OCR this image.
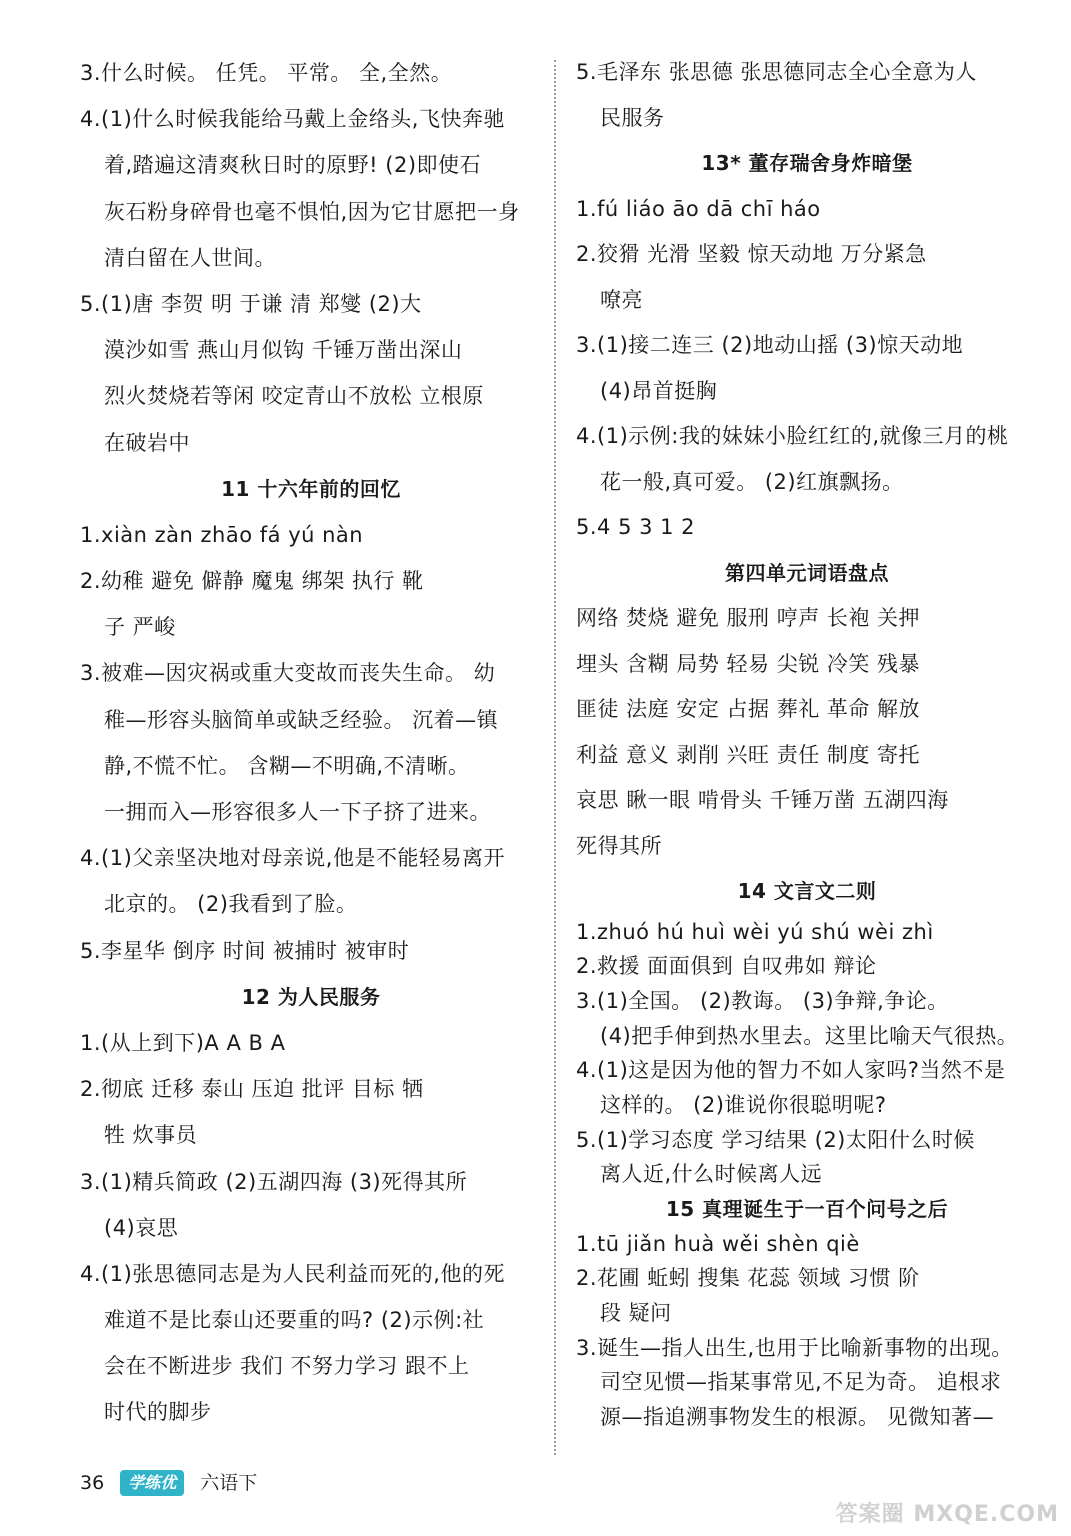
3.什么时候。 任凭。 平常。 全,全然。
4.(1)什么时候我能给马戴上金络头,飞快奔驰
着,踏遍这清爽秋日时的原野! (2)即使石
灰石粉身碎骨也毫不惧怕,因为它甘愿把一身
清白留在人世间。
5.(1)唐 李贺 明 于谦 清 郑燮 (2)大
漠沙如雪 燕山月似钩 千锤万凿出深山
烈火焚烧若等闲 咬定青山不放松 立根原
在破岩中
11 十六年前的回忆
1.xiàn zàn zhāo fá yú nàn
2.幼稚 避免 僻静 魔鬼 绑架 执行 靴
子 严峻
3.被难—因灾祸或重大变故而丧失生命。 幼
稚—形容头脑简单或缺乏经验。 沉着—镇
静,不慌不忙。 含糊—不明确,不清晰。
一拥而入—形容很多人一下子挤了进来。
4.(1)父亲坚决地对母亲说,他是不能轻易离开
北京的。 (2)我看到了脸。
5.李星华 倒序 时间 被捕时 被审时
12 为人民服务
1.(从上到下)A A B A
2.彻底 迁移 泰山 压迫 批评 目标 牺
牲 炊事员
3.(1)精兵简政 (2)五湖四海 (3)死得其所
(4)哀思
4.(1)张思德同志是为人民利益而死的,他的死
难道不是比泰山还要重的吗? (2)示例:社
会在不断进步 我们 不努力学习 跟不上
时代的脚步
5.毛泽东 张思德 张思德同志全心全意为人
民服务
13* 董存瑞舍身炸暗堡
1.fú liáo āo dā chī háo
2.狡猾 光滑 坚毅 惊天动地 万分紧急
嘹亮
3.(1)接二连三 (2)地动山摇 (3)惊天动地
(4)昂首挺胸
4.(1)示例:我的妹妹小脸红红的,就像三月的桃
花一般,真可爱。 (2)红旗飘扬。
5.4 5 3 1 2
第四单元词语盘点
网络 焚烧 避免 服刑 哼声 长袍 关押
埋头 含糊 局势 轻易 尖锐 冷笑 残暴
匪徒 法庭 安定 占据 葬礼 革命 解放
利益 意义 剥削 兴旺 责任 制度 寄托
哀思 瞅一眼 啃骨头 千锤万凿 五湖四海
死得其所
14 文言文二则
1.zhuó hú huì wèi yú shú wèi zhì
2.救援 面面俱到 自叹弗如 辩论
3.(1)全国。 (2)教诲。 (3)争辩,争论。
(4)把手伸到热水里去。这里比喻天气很热。
4.(1)这是因为他的智力不如人家吗?当然不是
这样的。 (2)谁说你很聪明呢?
5.(1)学习态度 学习结果 (2)太阳什么时候
离人近,什么时候离人远
15 真理诞生于一百个问号之后
1.tū jiǎn huà wěi shèn qiè
2.花圃 蚯蚓 搜集 花蕊 领域 习惯 阶
段 疑问
3.诞生—指人出生,也用于比喻新事物的出现。
司空见惯—指某事常见,不足为奇。 追根求
源—指追溯事物发生的根源。 见微知著—
36 学练优 六语下
答案圈 MXQE.COM
